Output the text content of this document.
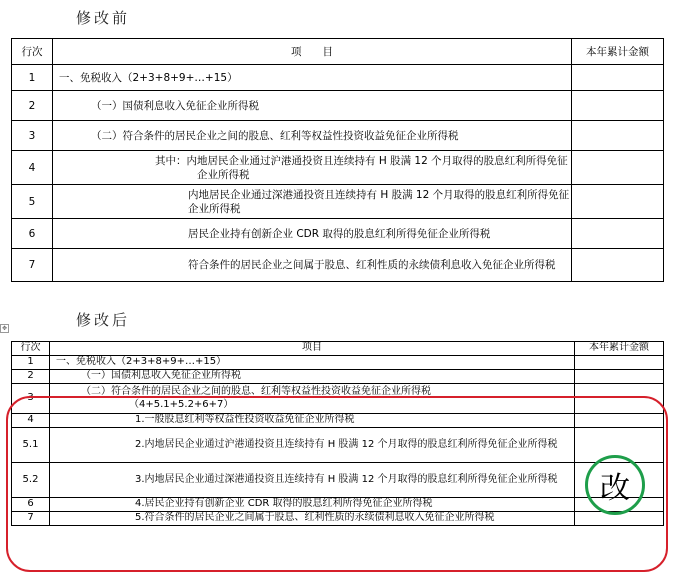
修改前
行次	项　　目	本年累计金额
1	一、免税收入（2+3+8+9+…+15）	
2	（一）国债利息收入免征企业所得税	
3	（二）符合条件的居民企业之间的股息、红利等权益性投资收益免征企业所得税	
4	其中：内地居民企业通过沪港通投资且连续持有 H 股满 12 个月取得的股息红利所得免征企业所得税	

5	内地居民企业通过深港通投资且连续持有 H 股满 12 个月取得的股息红利所得免征企业所得税	
6	居民企业持有创新企业 CDR 取得的股息红利所得免征企业所得税	
7	符合条件的居民企业之间属于股息、红利性质的永续债利息收入免征企业所得税	
修改后
✥
行次	项目	本年累计金额
1	一、免税收入（2+3+8+9+…+15）	
2	（一）国债利息收入免征企业所得税	
3	（二）符合条件的居民企业之间的股息、红利等权益性投资收益免征企业所得税
（4+5.1+5.2+6+7）	

4	1.一般股息红利等权益性投资收益免征企业所得税	
5.1	2.内地居民企业通过沪港通投资且连续持有 H 股满 12 个月取得的股息红利所得免征企业所得税	

5.2	3.内地居民企业通过深港通投资且连续持有 H 股满 12 个月取得的股息红利所得免征企业所得税	

6	4.居民企业持有创新企业 CDR 取得的股息红利所得免征企业所得税	
7	5.符合条件的居民企业之间属于股息、红利性质的永续债利息收入免征企业所得税	
改
